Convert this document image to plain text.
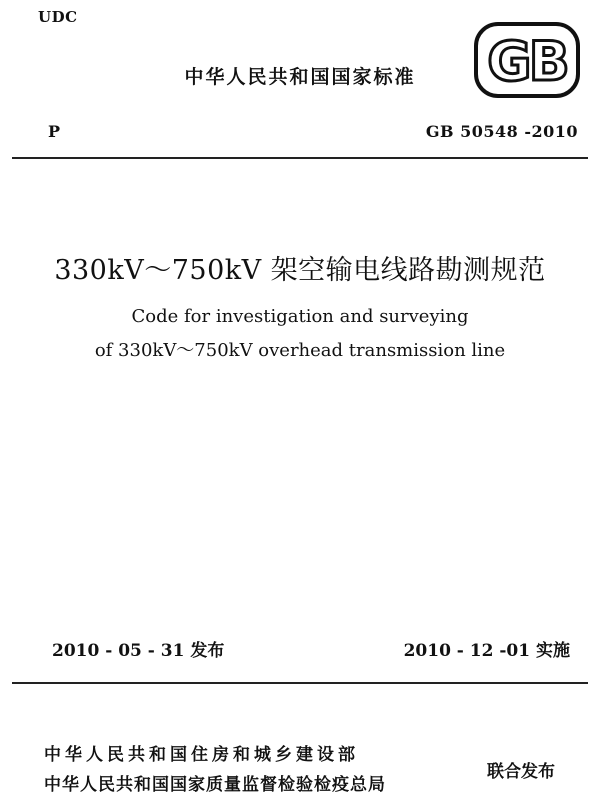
UDC
中华人民共和国国家标准	GB
P	GB 50548 -2010
330kV～750kV 架空输电线路勘测规范
Code for investigation and surveying
of 330kV～750kV overhead transmission line
2010 - 05 - 31 发布	2010 - 12 -01 实施
中华人民共和国住房和城乡建设部
中华人民共和国国家质量监督检验检疫总局
联合发布
